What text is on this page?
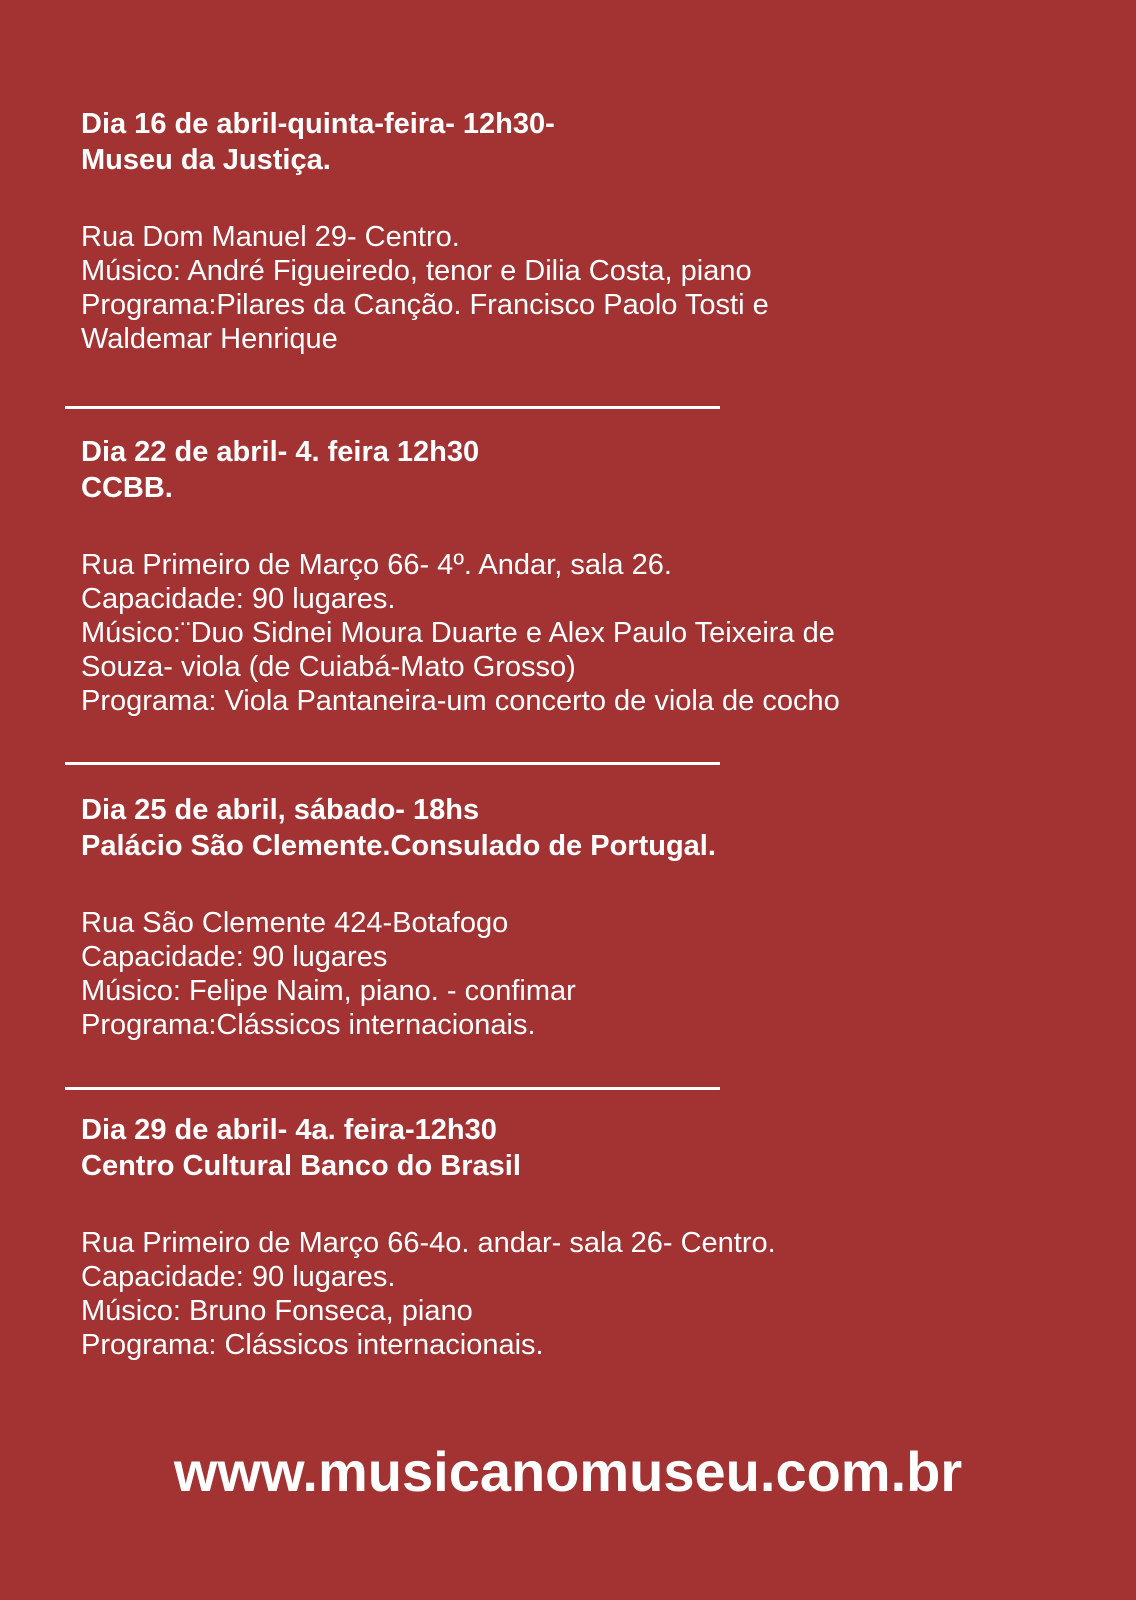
Dia 16 de abril-quinta-feira- 12h30-
Museu da Justiça.
Rua Dom Manuel 29- Centro.
Músico: André Figueiredo, tenor e Dilia Costa, piano
Programa:Pilares da Canção. Francisco Paolo Tosti e
Waldemar Henrique
Dia 22 de abril- 4. feira 12h30
CCBB.
Rua Primeiro de Março 66- 4º. Andar, sala 26.
Capacidade: 90 lugares.
Músico:¨Duo Sidnei Moura Duarte e Alex Paulo Teixeira de
Souza- viola (de Cuiabá-Mato Grosso)
Programa: Viola Pantaneira-um concerto de viola de cocho
Dia 25 de abril, sábado- 18hs
Palácio São Clemente.Consulado de Portugal.
Rua São Clemente 424-Botafogo
Capacidade: 90 lugares
Músico: Felipe Naim, piano. - confimar
Programa:Clássicos internacionais.
Dia 29 de abril- 4a. feira-12h30
Centro Cultural Banco do Brasil
Rua Primeiro de Março 66-4o. andar- sala 26- Centro.
Capacidade: 90 lugares.
Músico: Bruno Fonseca, piano
Programa: Clássicos internacionais.
www.musicanomuseu.com.br
